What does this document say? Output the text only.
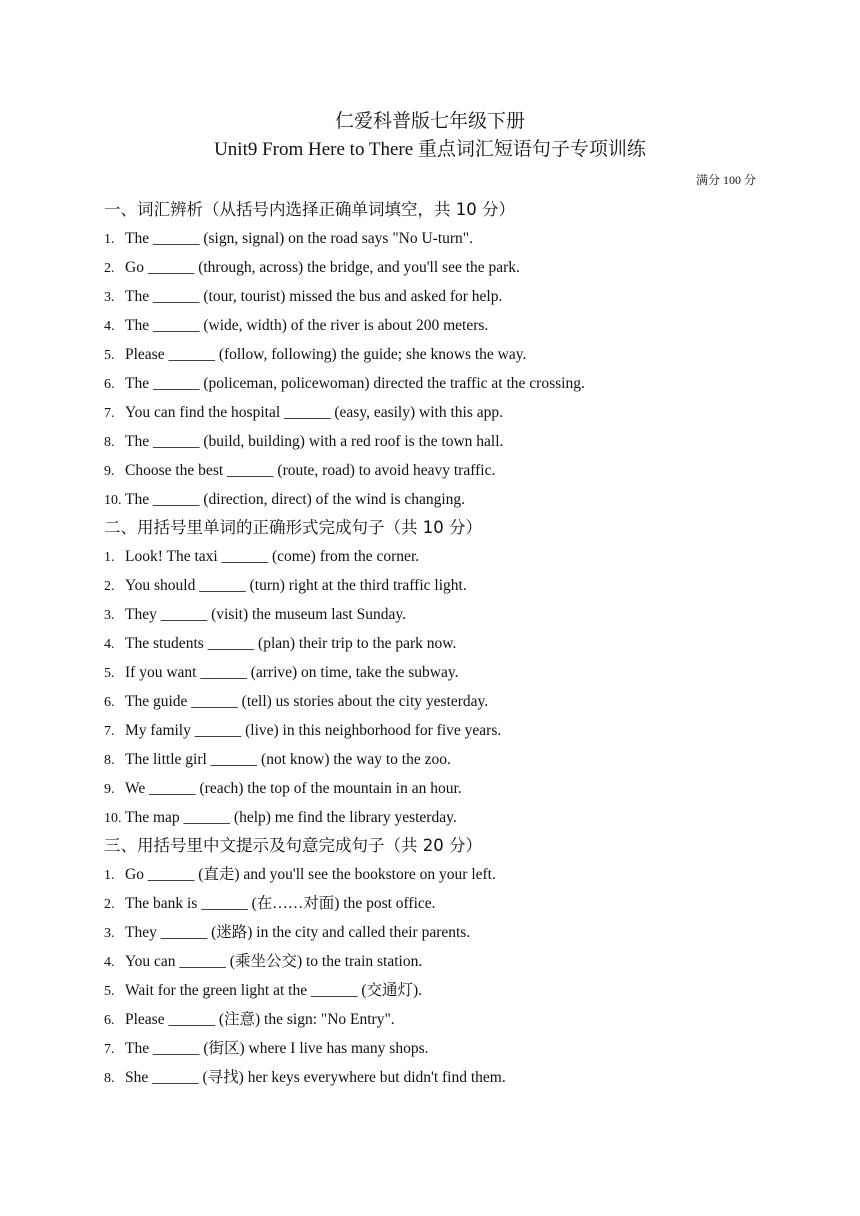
仁爱科普版七年级下册
Unit9 From Here to There 重点词汇短语句子专项训练
满分 100 分
一、词汇辨析（从括号内选择正确单词填空，共 10 分）
1. The ______ (sign, signal) on the road says "No U-turn".
2. Go ______ (through, across) the bridge, and you'll see the park.
3. The ______ (tour, tourist) missed the bus and asked for help.
4. The ______ (wide, width) of the river is about 200 meters.
5. Please ______ (follow, following) the guide; she knows the way.
6. The ______ (policeman, policewoman) directed the traffic at the crossing.
7. You can find the hospital ______ (easy, easily) with this app.
8. The ______ (build, building) with a red roof is the town hall.
9. Choose the best ______ (route, road) to avoid heavy traffic.
10. The ______ (direction, direct) of the wind is changing.
二、用括号里单词的正确形式完成句子（共 10 分）
1. Look! The taxi ______ (come) from the corner.
2. You should ______ (turn) right at the third traffic light.
3. They ______ (visit) the museum last Sunday.
4. The students ______ (plan) their trip to the park now.
5. If you want ______ (arrive) on time, take the subway.
6. The guide ______ (tell) us stories about the city yesterday.
7. My family ______ (live) in this neighborhood for five years.
8. The little girl ______ (not know) the way to the zoo.
9. We ______ (reach) the top of the mountain in an hour.
10. The map ______ (help) me find the library yesterday.
三、用括号里中文提示及句意完成句子（共 20 分）
1. Go ______ (直走) and you'll see the bookstore on your left.
2. The bank is ______ (在……对面) the post office.
3. They ______ (迷路) in the city and called their parents.
4. You can ______ (乘坐公交) to the train station.
5. Wait for the green light at the ______ (交通灯).
6. Please ______ (注意) the sign: "No Entry".
7. The ______ (街区) where I live has many shops.
8. She ______ (寻找) her keys everywhere but didn't find them.
